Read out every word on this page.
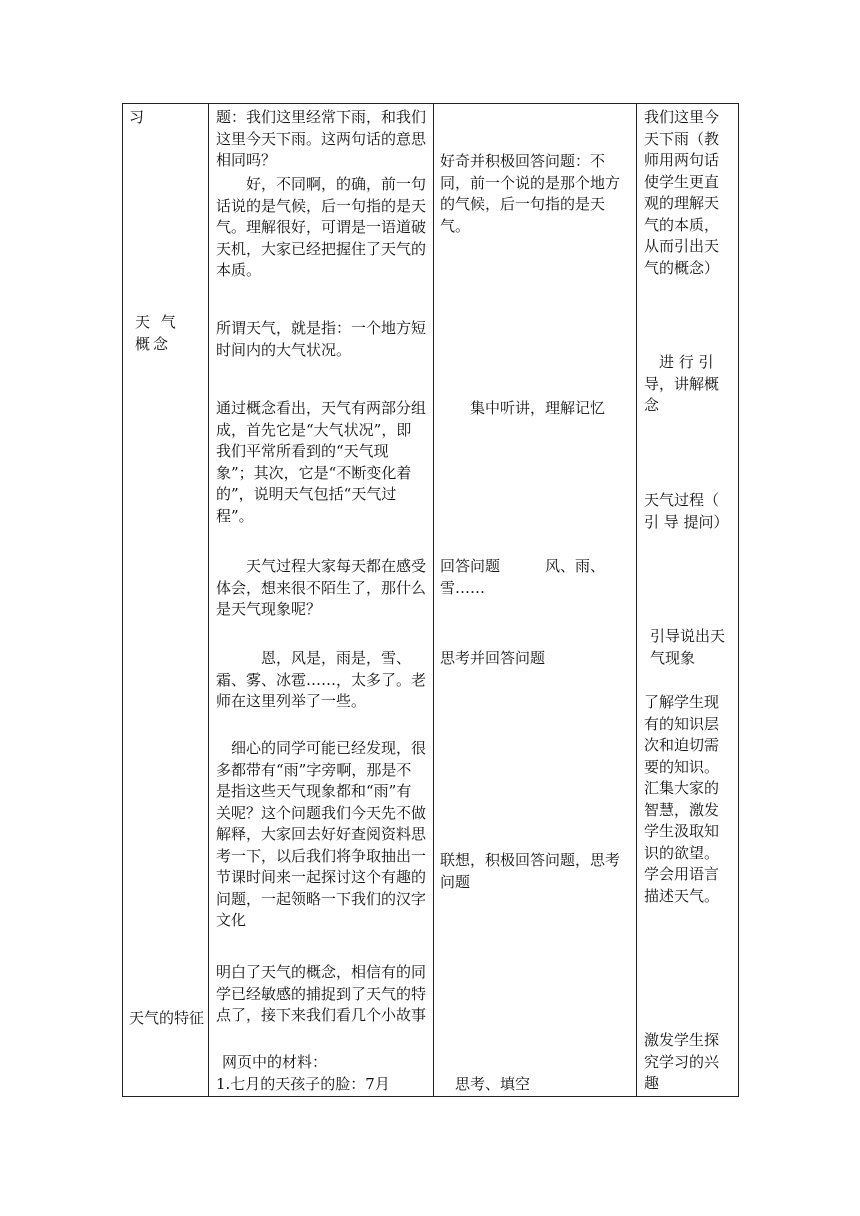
习

天 气 概念

天气的特征

题：我们这里经常下雨，和我们这里今天下雨。这两句话的意思相同吗？

　　好，不同啊，的确，前一句话说的是气候，后一句指的是天气。理解很好，可谓是一语道破天机，大家已经把握住了天气的本质。

所谓天气，就是指：一个地方短时间内的大气状况。

通过概念看出，天气有两部分组成，首先它是“大气状况”，即我们平常所看到的“天气现象”；其次，它是“不断变化着的”，说明天气包括“天气过程”。

　　天气过程大家每天都在感受体会，想来很不陌生了，那什么是天气现象呢？

　　　恩，风是，雨是，雪、霜、雾、冰雹……，太多了。老师在这里列举了一些。

　细心的同学可能已经发现，很多都带有“雨”字旁啊，那是不是指这些天气现象都和“雨”有关呢？这个问题我们今天先不做解释，大家回去好好查阅资料思考一下，以后我们将争取抽出一节课时间来一起探讨这个有趣的问题，一起领略一下我们的汉字文化

明白了天气的概念，相信有的同学已经敏感的捕捉到了天气的特点了，接下来我们看几个小故事

网页中的材料：

1.七月的天孩子的脸：7月

好奇并积极回答问题：不同，前一个说的是那个地方的气候，后一句指的是天气。

　　集中听讲，理解记忆

回答问题　　　风、雨、雪……

思考并回答问题

联想，积极回答问题，思考问题

　思考、填空

我们这里今天下雨（教师用两句话使学生更直观的理解天气的本质，从而引出天气的概念）

　进 行 引导，讲解概念

天气过程（ 引 导 提问）

引导说出天气现象

了解学生现有的知识层次和迫切需要的知识。汇集大家的智慧，激发学生汲取知识的欲望。学会用语言描述天气。

激发学生探究学习的兴趣
